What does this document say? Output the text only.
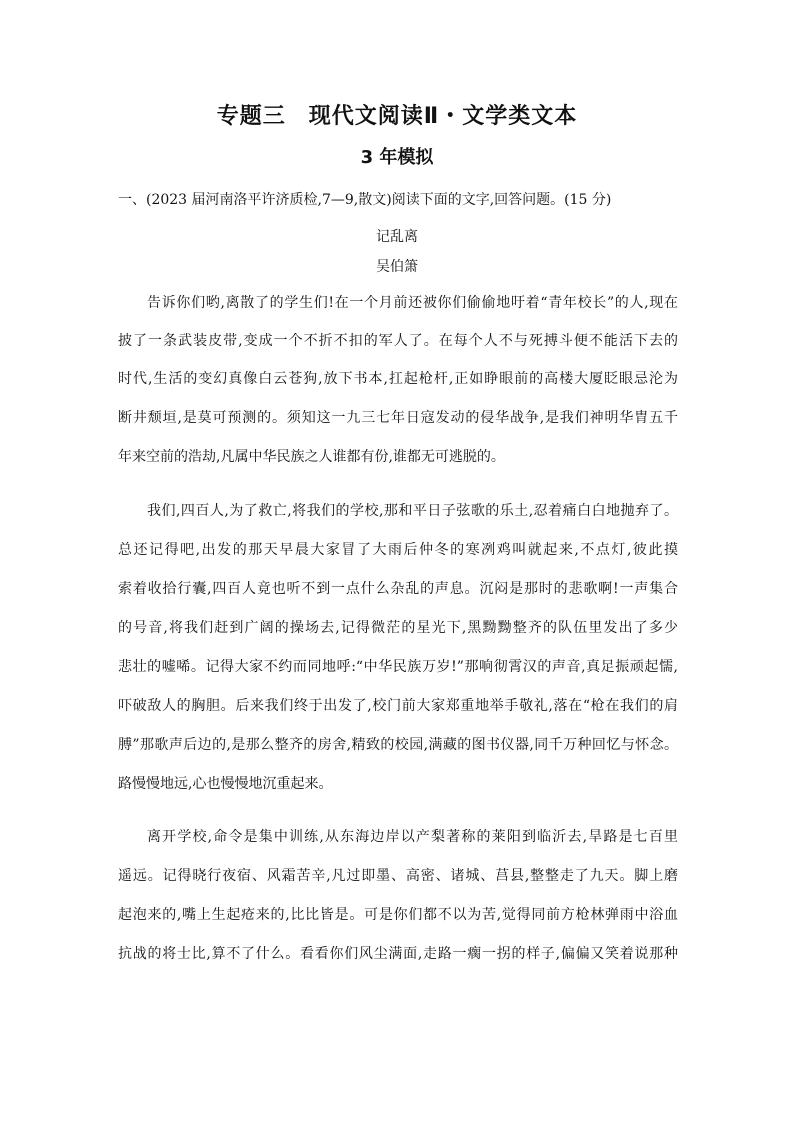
专题三　现代文阅读Ⅱ・文学类文本
3 年模拟
一、(2023 届河南洛平许济质检,7—9,散文)阅读下面的文字,回答问题。(15 分)
记乱离
吴伯箫
告诉你们哟,离散了的学生们!在一个月前还被你们偷偷地吁着“青年校长”的人,现在
披了一条武装皮带,变成一个不折不扣的军人了。在每个人不与死搏斗便不能活下去的
时代,生活的变幻真像白云苍狗,放下书本,扛起枪杆,正如睁眼前的高楼大厦眨眼忌沦为
断井颓垣,是莫可预测的。须知这一九三七年日寇发动的侵华战争,是我们神明华胄五千
年来空前的浩劫,凡属中华民族之人谁都有份,谁都无可逃脱的。
我们,四百人,为了救亡,将我们的学校,那和平日子弦歌的乐土,忍着痛白白地抛弃了。
总还记得吧,出发的那天早晨大家冒了大雨后仲冬的寒冽鸡叫就起来,不点灯,彼此摸
索着收拾行囊,四百人竟也听不到一点什么杂乱的声息。沉闷是那时的悲歌啊!一声集合
的号音,将我们赶到广阔的操场去,记得微茫的星光下,黑黝黝整齐的队伍里发出了多少
悲壮的嘘唏。记得大家不约而同地呼:“中华民族万岁!”那响彻霄汉的声音,真足振顽起懦,
吓破敌人的胸胆。后来我们终于出发了,校门前大家郑重地举手敬礼,落在“枪在我们的肩
膊”那歌声后边的,是那么整齐的房舍,精致的校园,满藏的图书仪器,同千万种回忆与怀念。
路慢慢地远,心也慢慢地沉重起来。
离开学校,命令是集中训练,从东海边岸以产梨著称的莱阳到临沂去,旱路是七百里
遥远。记得晓行夜宿、风霜苦辛,凡过即墨、高密、诸城、莒县,整整走了九天。脚上磨
起泡来的,嘴上生起疮来的,比比皆是。可是你们都不以为苦,觉得同前方枪林弹雨中浴血
抗战的将士比,算不了什么。看看你们风尘满面,走路一瘸一拐的样子,偏偏又笑着说那种
